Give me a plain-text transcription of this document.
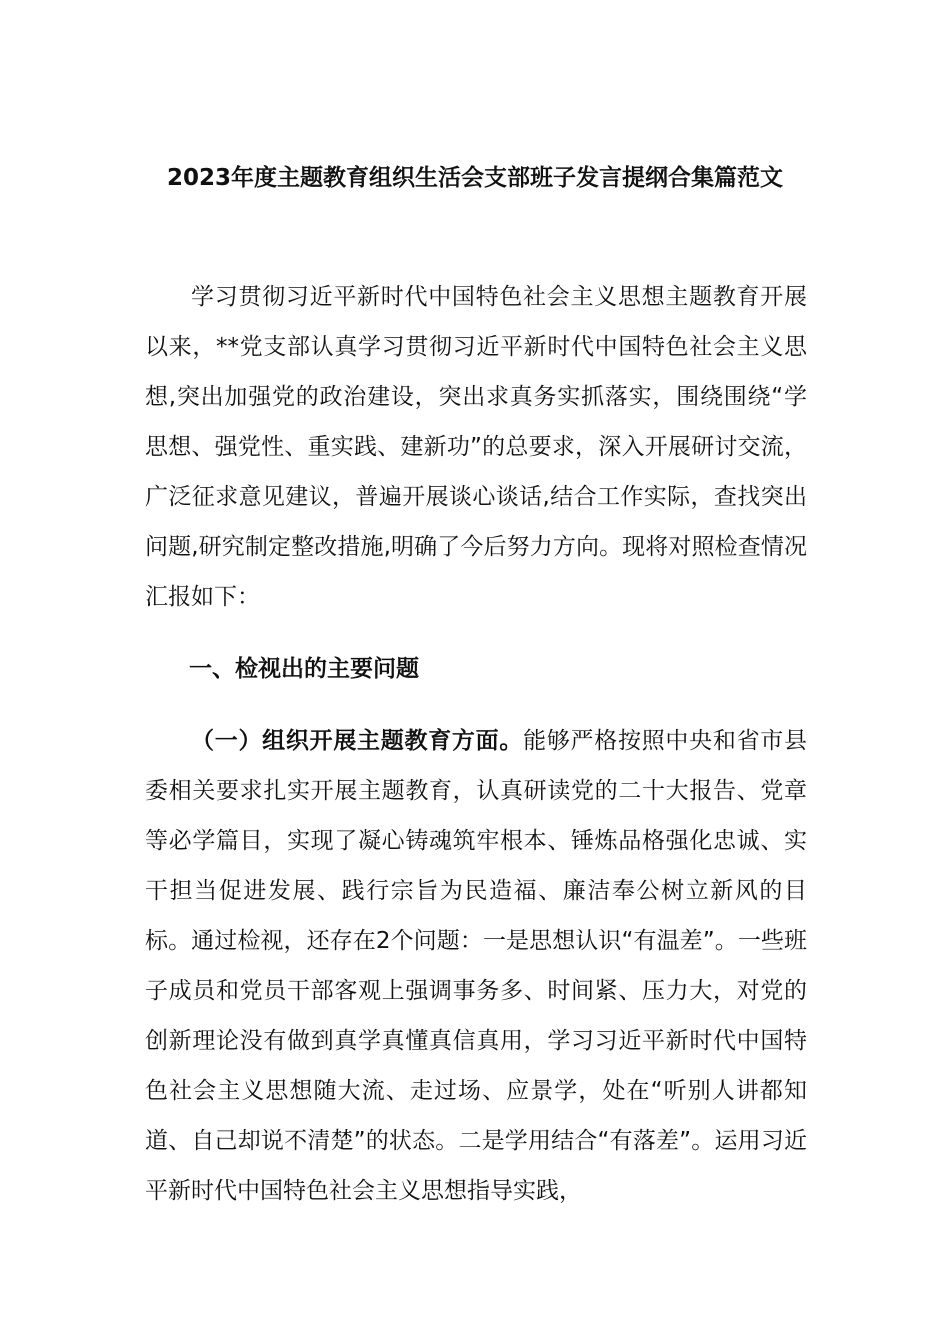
2023年度主题教育组织生活会支部班子发言提纲合集篇范文

学习贯彻习近平新时代中国特色社会主义思想主题教育开展以来，**党支部认真学习贯彻习近平新时代中国特色社会主义思想,突出加强党的政治建设，突出求真务实抓落实，围绕围绕“学思想、强党性、重实践、建新功”的总要求，深入开展研讨交流，广泛征求意见建议，普遍开展谈心谈话,结合工作实际，查找突出问题,研究制定整改措施,明确了今后努力方向。现将对照检查情况汇报如下：

一、检视出的主要问题

（一）组织开展主题教育方面。能够严格按照中央和省市县委相关要求扎实开展主题教育，认真研读党的二十大报告、党章等必学篇目，实现了凝心铸魂筑牢根本、锤炼品格强化忠诚、实干担当促进发展、践行宗旨为民造福、廉洁奉公树立新风的目标。通过检视，还存在2个问题：一是思想认识“有温差”。一些班子成员和党员干部客观上强调事务多、时间紧、压力大，对党的创新理论没有做到真学真懂真信真用，学习习近平新时代中国特色社会主义思想随大流、走过场、应景学，处在“听别人讲都知道、自己却说不清楚”的状态。二是学用结合“有落差”。运用习近平新时代中国特色社会主义思想指导实践，
